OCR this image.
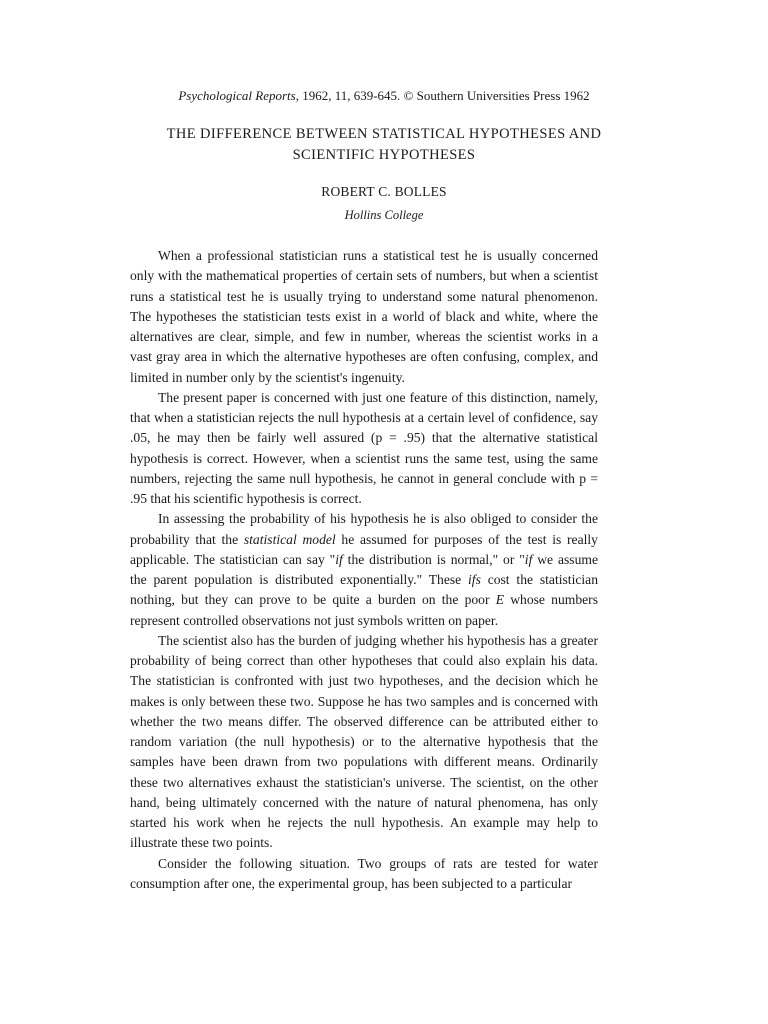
Psychological Reports, 1962, 11, 639-645. © Southern Universities Press 1962
THE DIFFERENCE BETWEEN STATISTICAL HYPOTHESES AND
SCIENTIFIC HYPOTHESES
ROBERT C. BOLLES
Hollins College

When a professional statistician runs a statistical test he is usually concerned only with the mathematical properties of certain sets of numbers, but when a scientist runs a statistical test he is usually trying to understand some natural phenomenon. The hypotheses the statistician tests exist in a world of black and white, where the alternatives are clear, simple, and few in number, whereas the scientist works in a vast gray area in which the alternative hypotheses are often confusing, complex, and limited in number only by the scientist's ingenuity.

The present paper is concerned with just one feature of this distinction, namely, that when a statistician rejects the null hypothesis at a certain level of confidence, say .05, he may then be fairly well assured (p = .95) that the alternative statistical hypothesis is correct. However, when a scientist runs the same test, using the same numbers, rejecting the same null hypothesis, he cannot in general conclude with p = .95 that his scientific hypothesis is correct.

In assessing the probability of his hypothesis he is also obliged to consider the probability that the statistical model he assumed for purposes of the test is really applicable. The statistician can say "if the distribution is normal," or "if we assume the parent population is distributed exponentially." These ifs cost the statistician nothing, but they can prove to be quite a burden on the poor E whose numbers represent controlled observations not just symbols written on paper.

The scientist also has the burden of judging whether his hypothesis has a greater probability of being correct than other hypotheses that could also explain his data. The statistician is confronted with just two hypotheses, and the decision which he makes is only between these two. Suppose he has two samples and is concerned with whether the two means differ. The observed difference can be attributed either to random variation (the null hypothesis) or to the alternative hypothesis that the samples have been drawn from two populations with different means. Ordinarily these two alternatives exhaust the statistician's universe. The scientist, on the other hand, being ultimately concerned with the nature of natural phenomena, has only started his work when he rejects the null hypothesis. An example may help to illustrate these two points.

Consider the following situation. Two groups of rats are tested for water consumption after one, the experimental group, has been subjected to a particular
